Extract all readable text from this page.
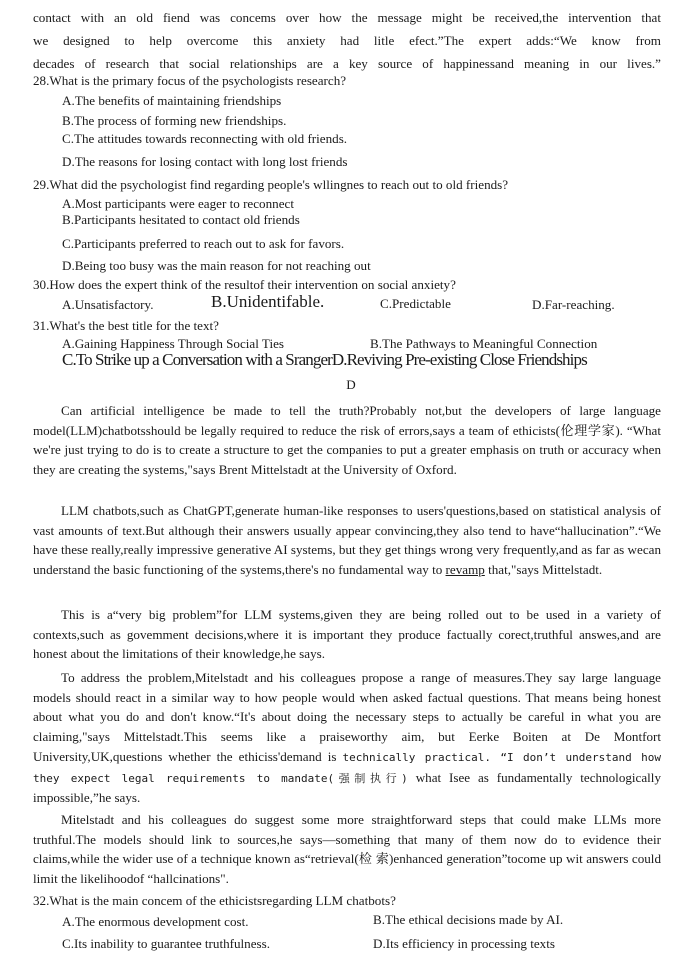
contact with an old fiend was concems over how the message might be received,the intervention that
we designed to help overcome this anxiety had litle efect.”The expert adds:“We know from
decades of research that social relationships are a key source of happinessand meaning in our lives.”
28.What is the primary focus of the psychologists research?
A.The benefits of maintaining friendships
B.The process of forming new friendships.
C.The attitudes towards reconnecting with old friends.
D.The reasons for losing contact with long lost friends
29.What did the psychologist find regarding people's wllingnes to reach out to old friends?
A.Most participants were eager to reconnect
B.Participants hesitated to contact old friends
C.Participants preferred to reach out to ask for favors.
D.Being too busy was the main reason for not reaching out
30.How does the expert think of the resultof their intervention on social anxiety?
A.Unsatisfactory.	B.Unidentifable.	C.Predictable	D.Far-reaching.
31.What's the best title for the text?
A.Gaining Happiness Through Social Ties	B.The Pathways to Meaningful Connection
C.To Strike up a Conversation with a SrangerD.Reviving Pre-existing Close Friendships
D
Can artificial intelligence be made to tell the truth?Probably not,but the developers of large language model(LLM)chatbotsshould be legally required to reduce the risk of errors,says a team of ethicists(伦理学家). “What we're just trying to do is to create a structure to get the companies to put a greater emphasis on truth or accuracy when they are creating the systems,"says Brent Mittelstadt at the University of Oxford.
LLM chatbots,such as ChatGPT,generate human-like responses to users'questions,based on statistical analysis of vast amounts of text.But although their answers usually appear convincing,they also tend to have“hallucination”.“We have these really,really impressive generative AI systems, but they get things wrong very frequently,and as far as wecan understand the basic functioning of the systems,there's no fundamental way to revamp that,"says Mittelstadt.
This is a“very big problem”for LLM systems,given they are being rolled out to be used in a variety of contexts,such as govemment decisions,where it is important they produce factually corect,truthful answes,and are honest about the limitations of their knowledge,he says.
To address the problem,Mitelstadt and his colleagues propose a range of measures.They say large language models should react in a similar way to how people would when asked factual questions. That means being honest about what you do and don't know.“It's about doing the necessary steps to actually be careful in what you are claiming,"says Mittelstadt.This seems like a praiseworthy aim, but Eerke Boiten at De Montfort University,UK,questions whether the ethiciss'demand is technically practical. “I don’t understand how they expect legal requirements to mandate(强制执行) what Isee as fundamentally technologically impossible,”he says.
Mitelstadt and his colleagues do suggest some more straightforward steps that could make LLMs more truthful.The models should link to sources,he says—something that many of them now do to evidence their claims,while the wider use of a technique known as“retrieval(检 索)enhanced generation”tocome up wit answers could limit the likelihoodof “hallcinations".
32.What is the main concem of the ethicistsregarding LLM chatbots?
A.The enormous development cost.	B.The ethical decisions made by AI.
C.Its inability to guarantee truthfulness.	D.Its efficiency in processing texts
